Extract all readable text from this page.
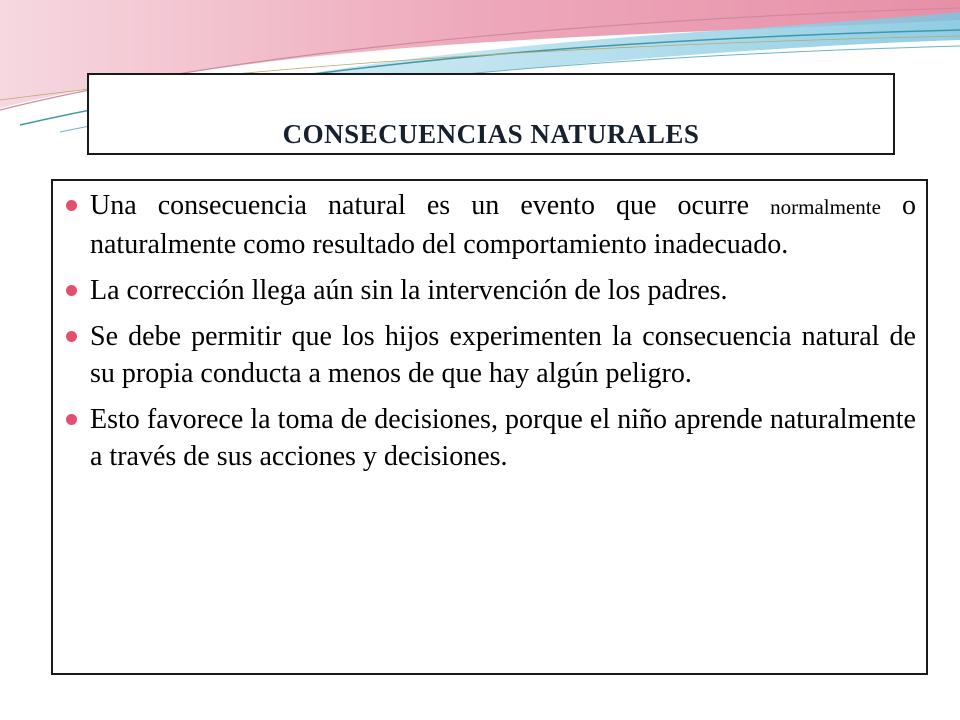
CONSECUENCIAS NATURALES
Una consecuencia natural es un evento que ocurre normalmente o naturalmente como resultado del comportamiento inadecuado.
La corrección llega aún sin la intervención de los padres.
Se debe permitir que los hijos experimenten la consecuencia natural de su propia conducta a menos de que hay algún peligro.
Esto favorece la toma de decisiones, porque el niño aprende naturalmente a través de sus acciones y decisiones.
